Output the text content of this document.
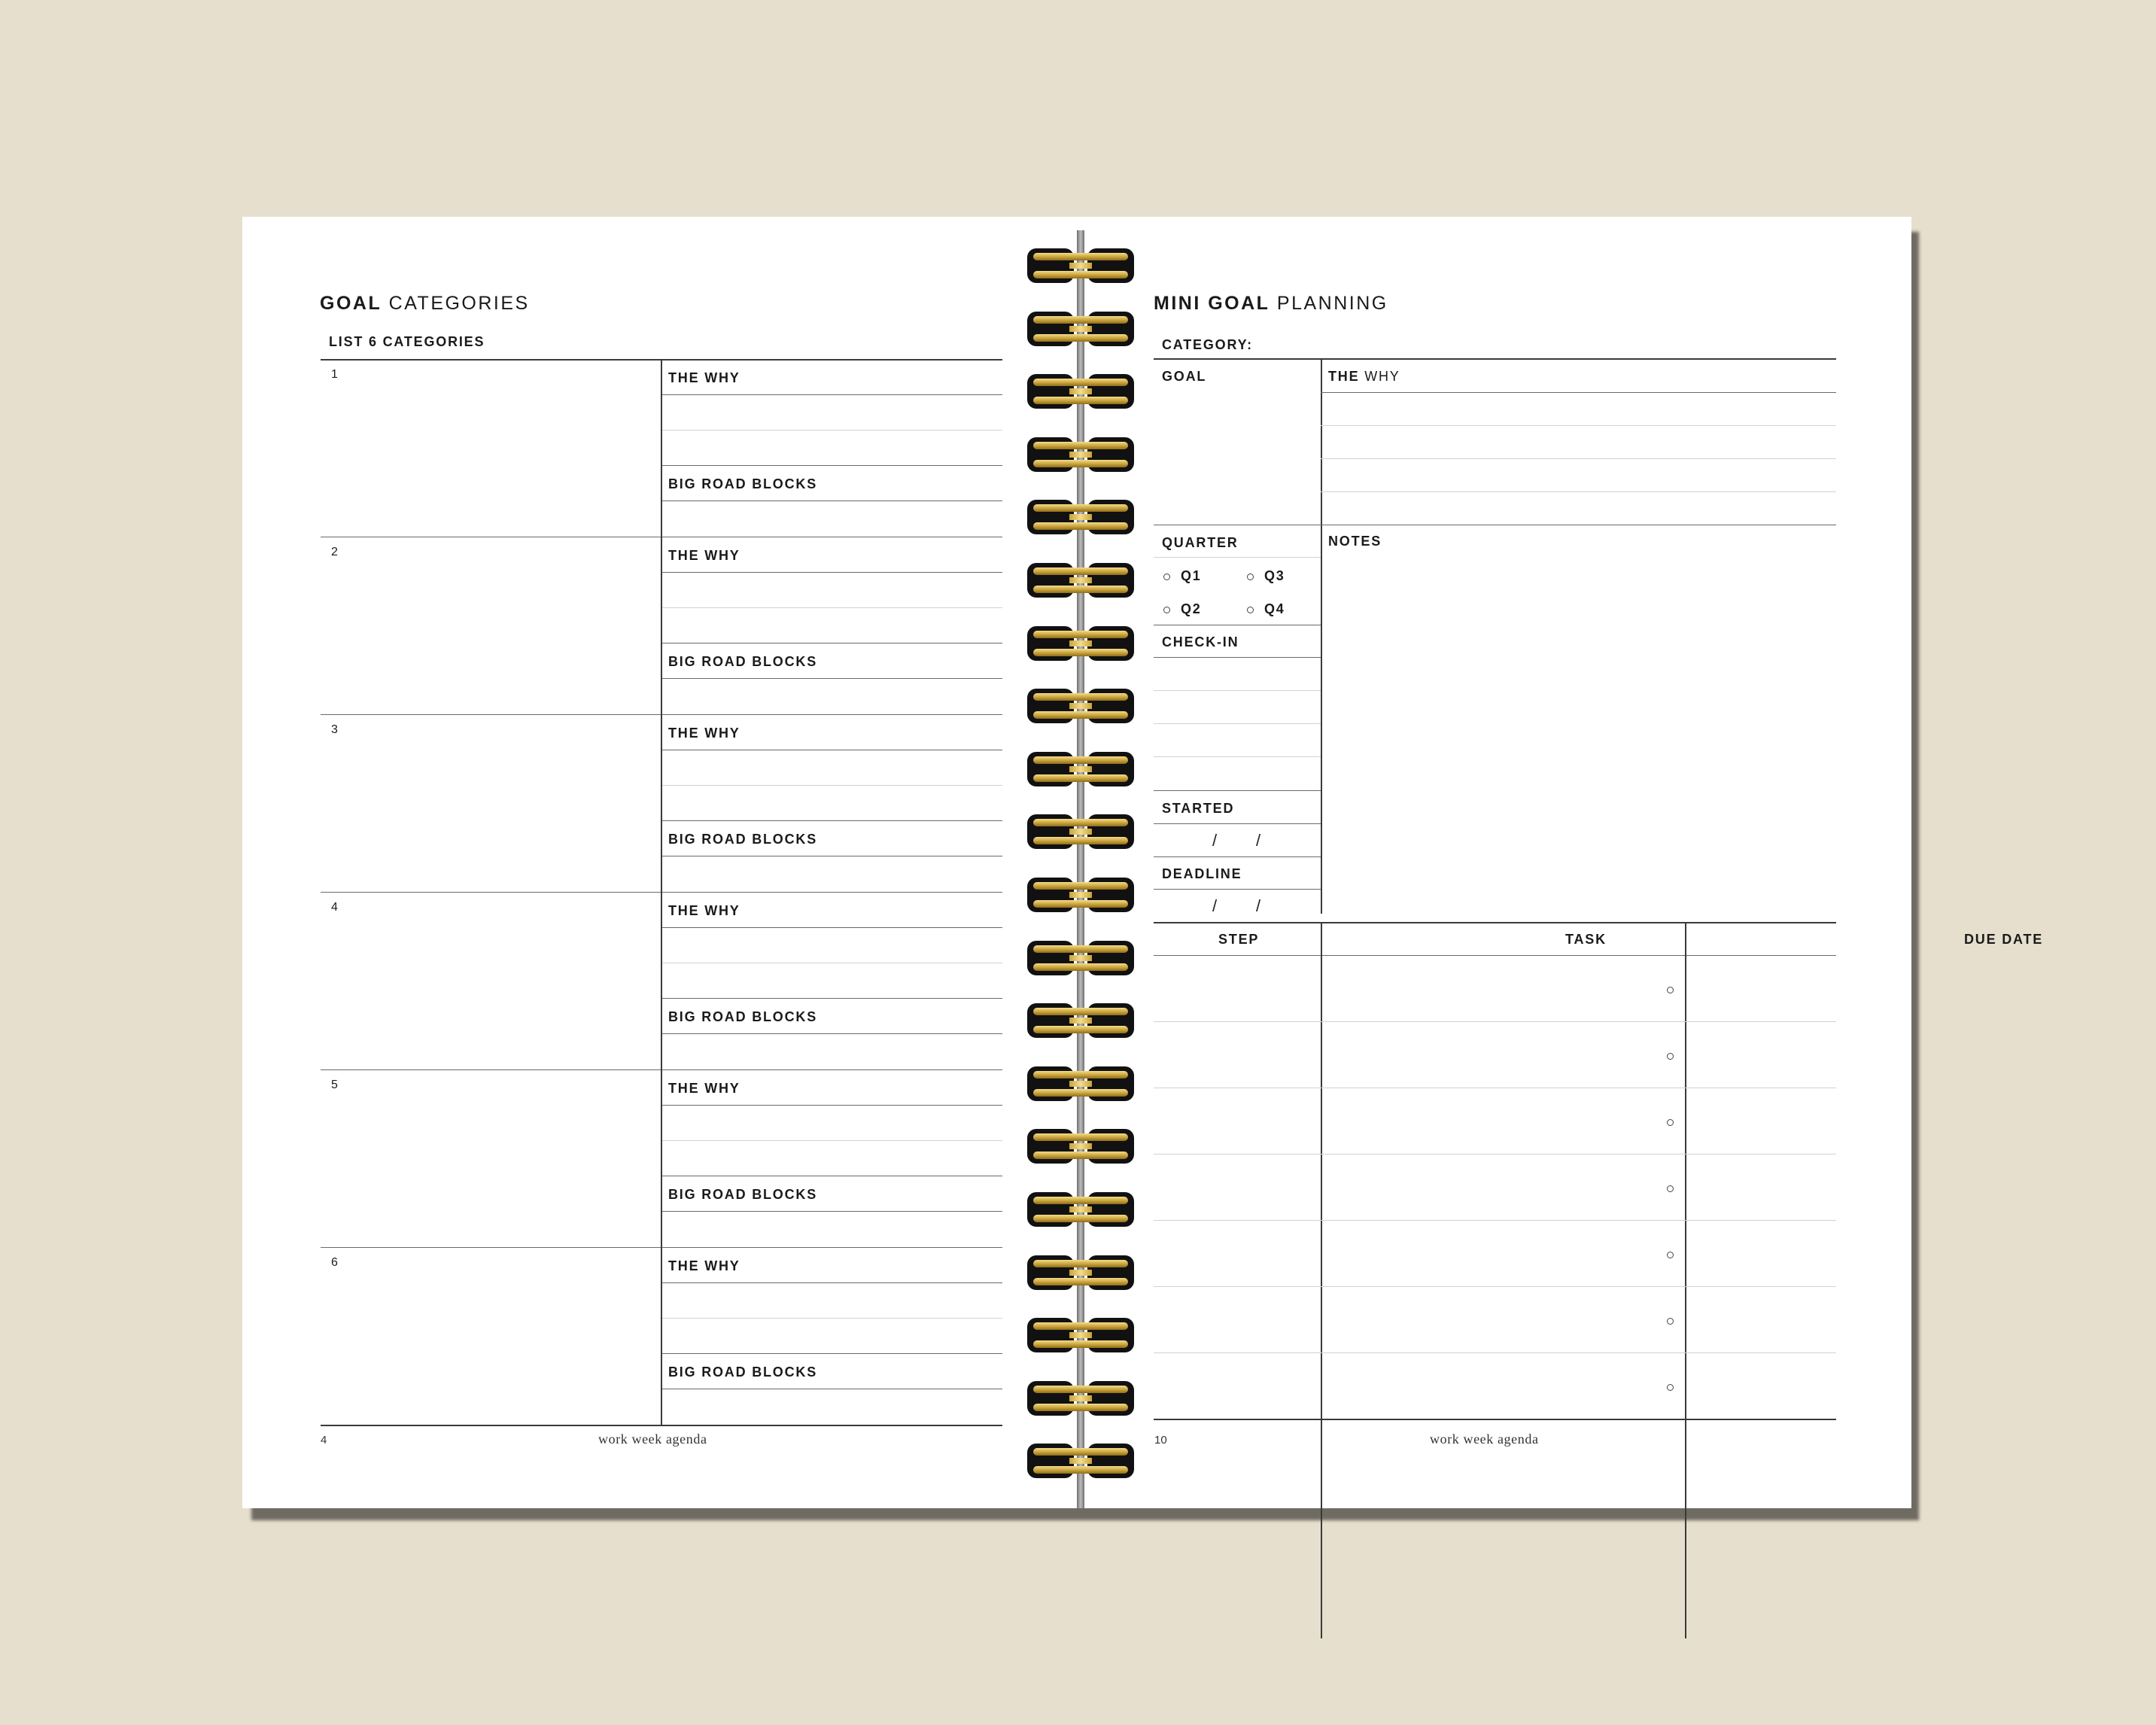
GOAL CATEGORIES
LIST 6 CATEGORIES
4	work week agenda
1	THE WHY
BIG ROAD BLOCKS
2	THE WHY
BIG ROAD BLOCKS
3	THE WHY
BIG ROAD BLOCKS
4	THE WHY
BIG ROAD BLOCKS
5	THE WHY
BIG ROAD BLOCKS
6	THE WHY
BIG ROAD BLOCKS
MINI GOAL PLANNING
CATEGORY:
GOAL	THE WHY
QUARTER	NOTES
Q1	Q3
Q2	Q4
CHECK-IN
STARTED
/ /
DEADLINE
/ /
STEP	TASK	DUE DATE
10	work week agenda
